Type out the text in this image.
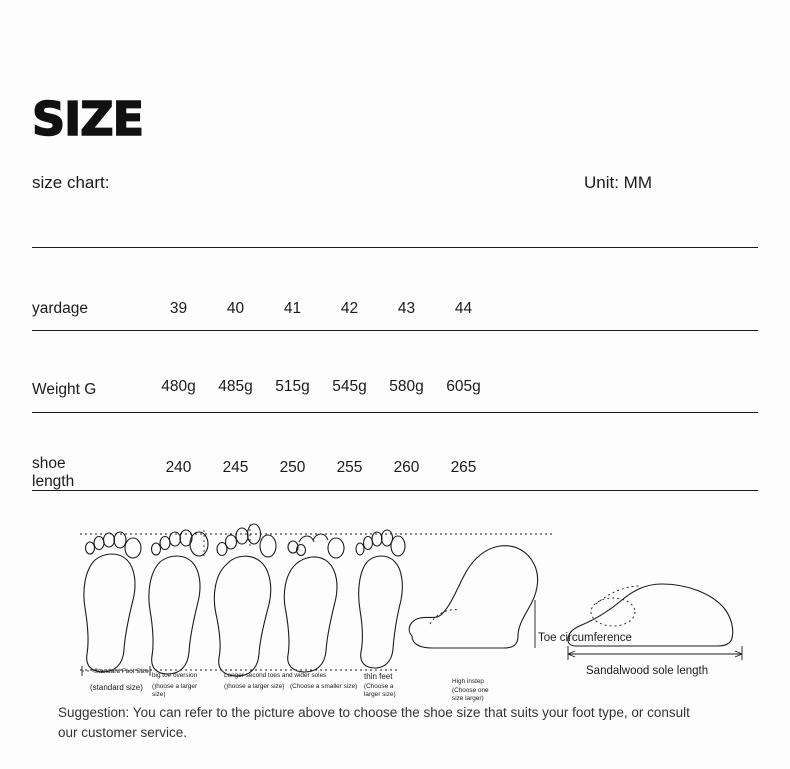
SIZE
size chart:	Unit: MM
yardage	39	40	41	42	43	44
Weight G	480g	485g	515g	545g	580g	605g
shoe
length
240	245	250	255	260	265
Standard Foot Size
(standard size)
big toe oversion
()hoose a larger size)
Longer second toes and wider soles
()hoose a larger size) (Choose a smaller size)
thin feet
(Choose a larger size)
High instep
(Choose one size larger)
Toe circumference
Sandalwood sole length
Suggestion: You can refer to the picture above to choose the shoe size that suits your foot type, or consult our customer service.
